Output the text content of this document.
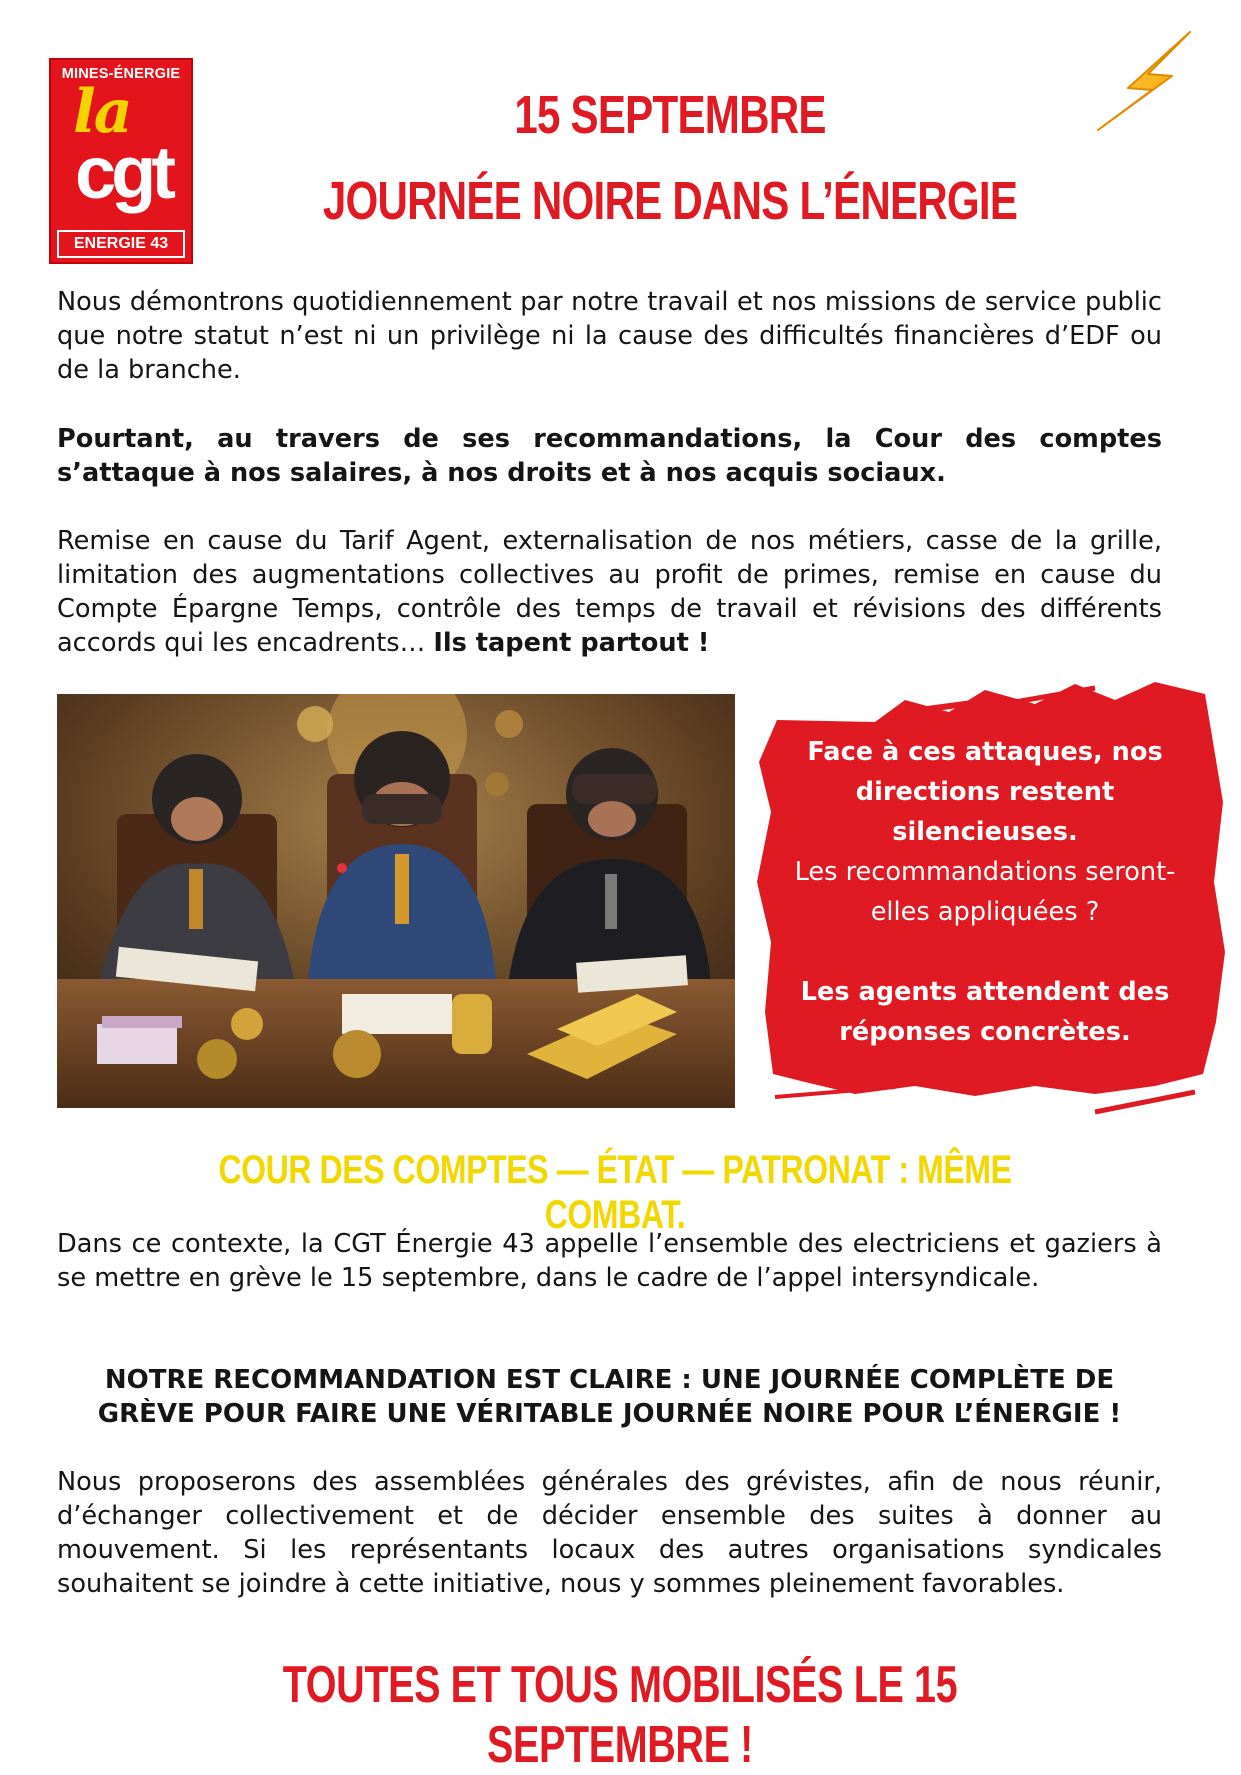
MINES-ÉNERGIE
la
cgt
ENERGIE 43
15 SEPTEMBRE
JOURNÉE NOIRE DANS L’ÉNERGIE

Nous démontrons quotidiennement par notre travail et nos missions de service public que notre statut n’est ni un privilège ni la cause des difficultés financières d’EDF ou de la branche.

Pourtant, au travers de ses recommandations, la Cour des comptes s’attaque à nos salaires, à nos droits et à nos acquis sociaux.

Remise en cause du Tarif Agent, externalisation de nos métiers, casse de la grille, limitation des augmentations collectives au profit de primes, remise en cause du Compte Épargne Temps, contrôle des temps de travail et révisions des différents accords qui les encadrents… Ils tapent partout !

Face à ces attaques, nos directions restent silencieuses.
Les recommandations seront-elles appliquées ?
Les agents attendent des réponses concrètes.
COUR DES COMPTES — ÉTAT — PATRONAT : MÊME COMBAT.

Dans ce contexte, la CGT Énergie 43 appelle l’ensemble des electriciens et gaziers à se mettre en grève le 15 septembre, dans le cadre de l’appel intersyndicale.

NOTRE RECOMMANDATION EST CLAIRE : UNE JOURNÉE COMPLÈTE DE GRÈVE POUR FAIRE UNE VÉRITABLE JOURNÉE NOIRE POUR L’ÉNERGIE !

Nous proposerons des assemblées générales des grévistes, afin de nous réunir, d’échanger collectivement et de décider ensemble des suites à donner au mouvement. Si les représentants locaux des autres organisations syndicales souhaitent se joindre à cette initiative, nous y sommes pleinement favorables.

TOUTES ET TOUS MOBILISÉS LE 15 SEPTEMBRE !
